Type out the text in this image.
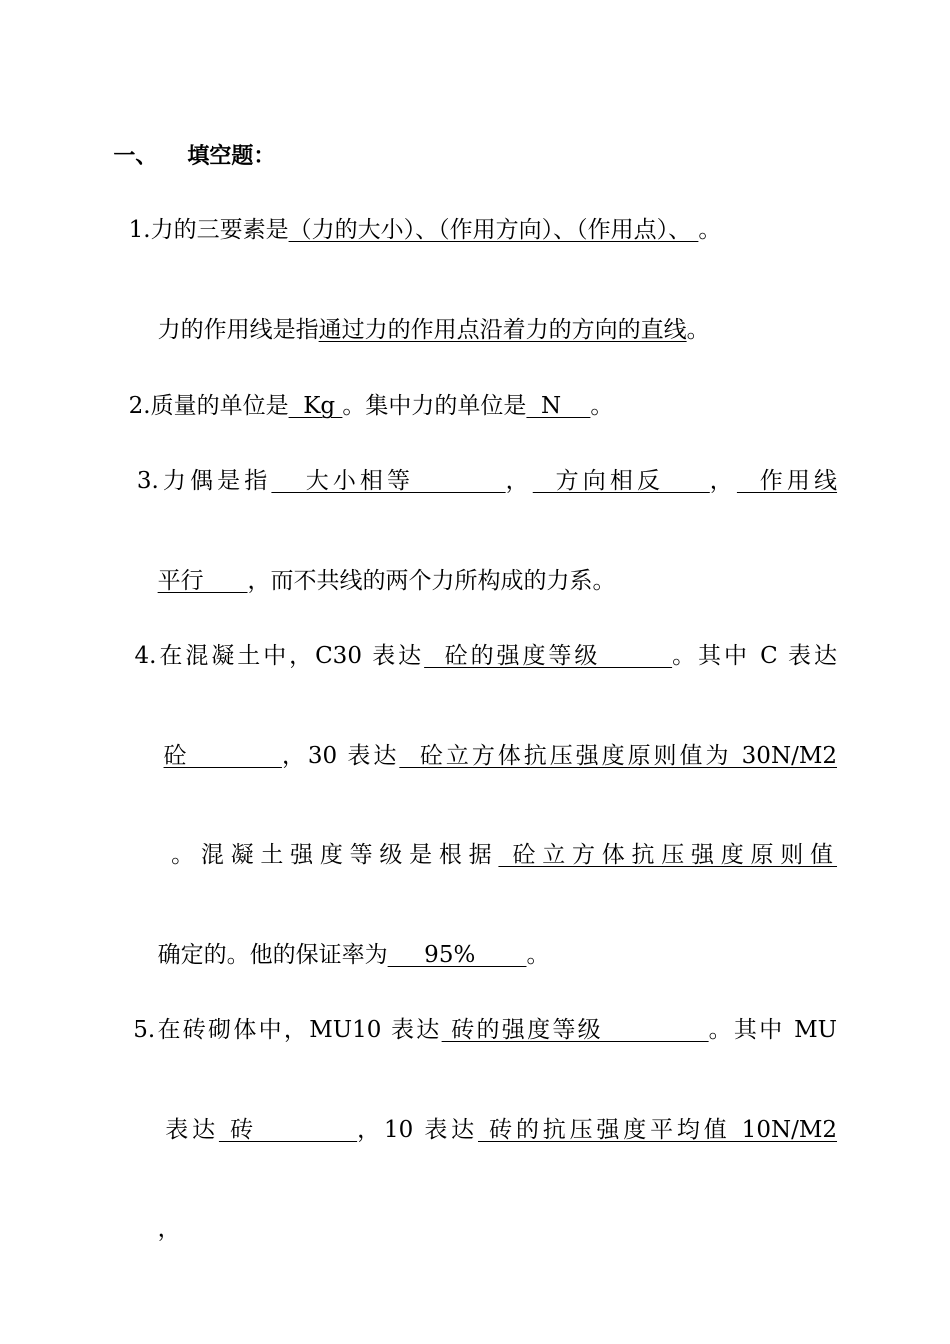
一、	填空题：

1.力的三要素是（力的大小）、（作用方向）、（作用点）、 。

力的作用线是指通过力的作用点沿着力的方向的直线。

2.质量的单位是  Kg 。集中力的单位是  N    。

3.力偶是指   大小相等        ，  方向相反    ，  作用线

平行      ，而不共线的两个力所构成的力系。

4.在混凝土中，C30 表达  砼的强度等级       。其中 C 表达

砼         ，30 表达  砼立方体抗压强度原则值为 30N/M2

。混凝土强度等级是根据 砼立方体抗压强度原则值

确定的。他的保证率为     95%       。

5.在砖砌体中，MU10 表达 砖的强度等级           。其中 MU

表达 砖         ，10 表达 砖的抗压强度平均值 10N/M2

，
